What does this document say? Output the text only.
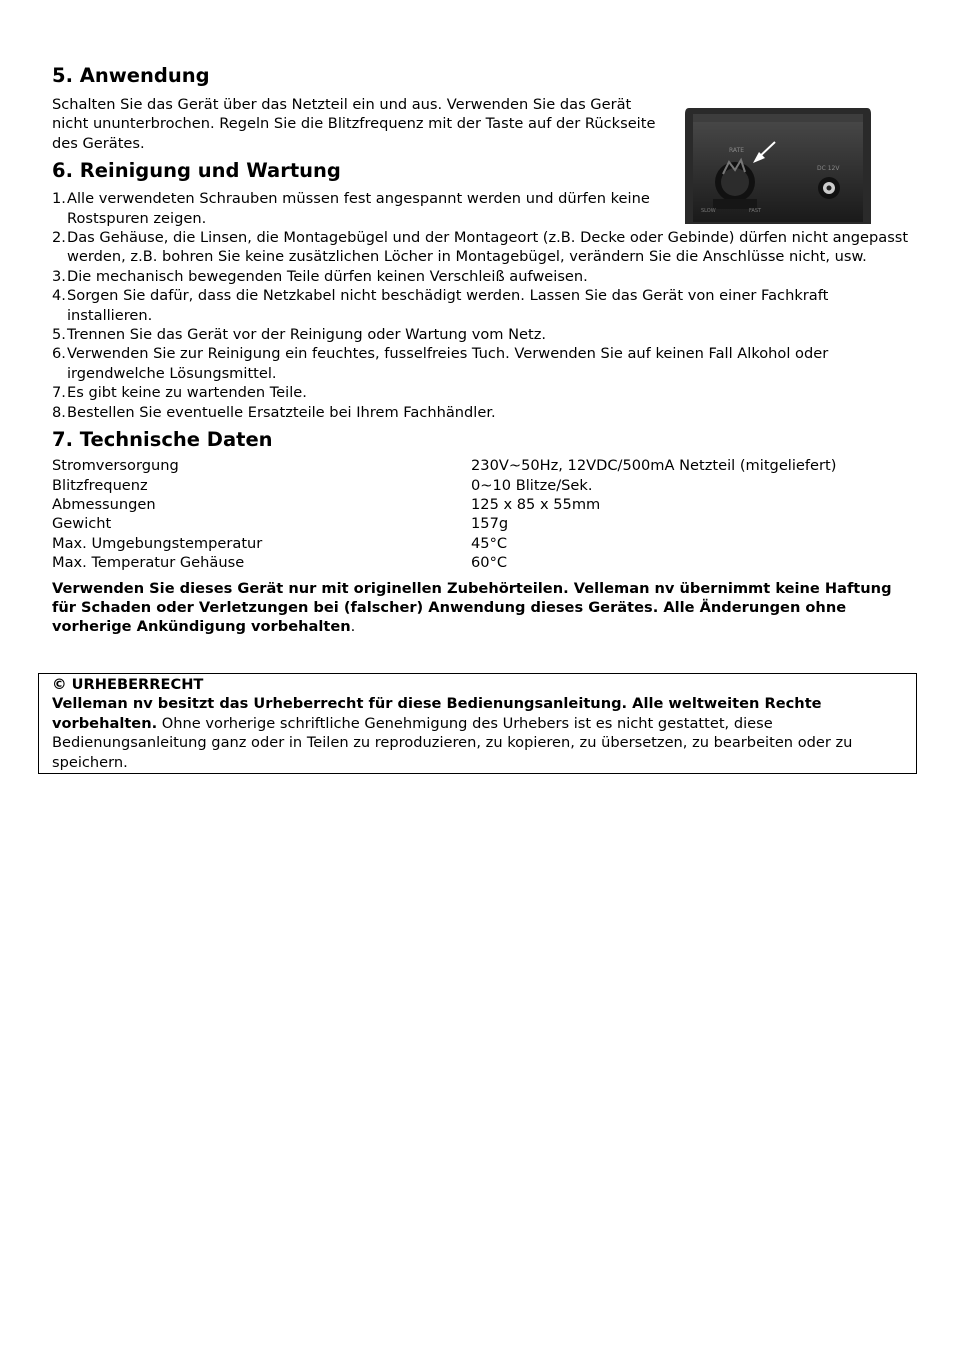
5. Anwendung

Schalten Sie das Gerät über das Netzteil ein und aus. Verwenden Sie das Gerät nicht ununterbrochen. Regeln Sie die Blitzfrequenz mit der Taste auf der Rückseite des Gerätes.	RATE
DC 12V
SLOW	FAST
6. Reinigung und Wartung
1. Alle verwendeten Schrauben müssen fest angespannt werden und dürfen keine Rostspuren zeigen.
2. Das Gehäuse, die Linsen, die Montagebügel und der Montageort (z.B. Decke oder Gebinde) dürfen nicht angepasst werden, z.B. bohren Sie keine zusätzlichen Löcher in Montagebügel, verändern Sie die Anschlüsse nicht, usw.
3. Die mechanisch bewegenden Teile dürfen keinen Verschleiß aufweisen.
4. Sorgen Sie dafür, dass die Netzkabel nicht beschädigt werden. Lassen Sie das Gerät von einer Fachkraft installieren.
5. Trennen Sie das Gerät vor der Reinigung oder Wartung vom Netz.
6. Verwenden Sie zur Reinigung ein feuchtes, fusselfreies Tuch. Verwenden Sie auf keinen Fall Alkohol oder irgendwelche Lösungsmittel.
7. Es gibt keine zu wartenden Teile.
8. Bestellen Sie eventuelle Ersatzteile bei Ihrem Fachhändler.
7. Technische Daten
Stromversorgung	230V~50Hz, 12VDC/500mA Netzteil (mitgeliefert)
Blitzfrequenz	0~10 Blitze/Sek.
Abmessungen	125 x 85 x 55mm
Gewicht	157g
Max. Umgebungstemperatur	45°C
Max. Temperatur Gehäuse	60°C

Verwenden Sie dieses Gerät nur mit originellen Zubehörteilen. Velleman nv übernimmt keine Haftung für Schaden oder Verletzungen bei (falscher) Anwendung dieses Gerätes. Alle Änderungen ohne vorherige Ankündigung vorbehalten.

© URHEBERRECHT

Velleman nv besitzt das Urheberrecht für diese Bedienungsanleitung. Alle weltweiten Rechte vorbehalten. Ohne vorherige schriftliche Genehmigung des Urhebers ist es nicht gestattet, diese Bedienungsanleitung ganz oder in Teilen zu reproduzieren, zu kopieren, zu übersetzen, zu bearbeiten oder zu speichern.
